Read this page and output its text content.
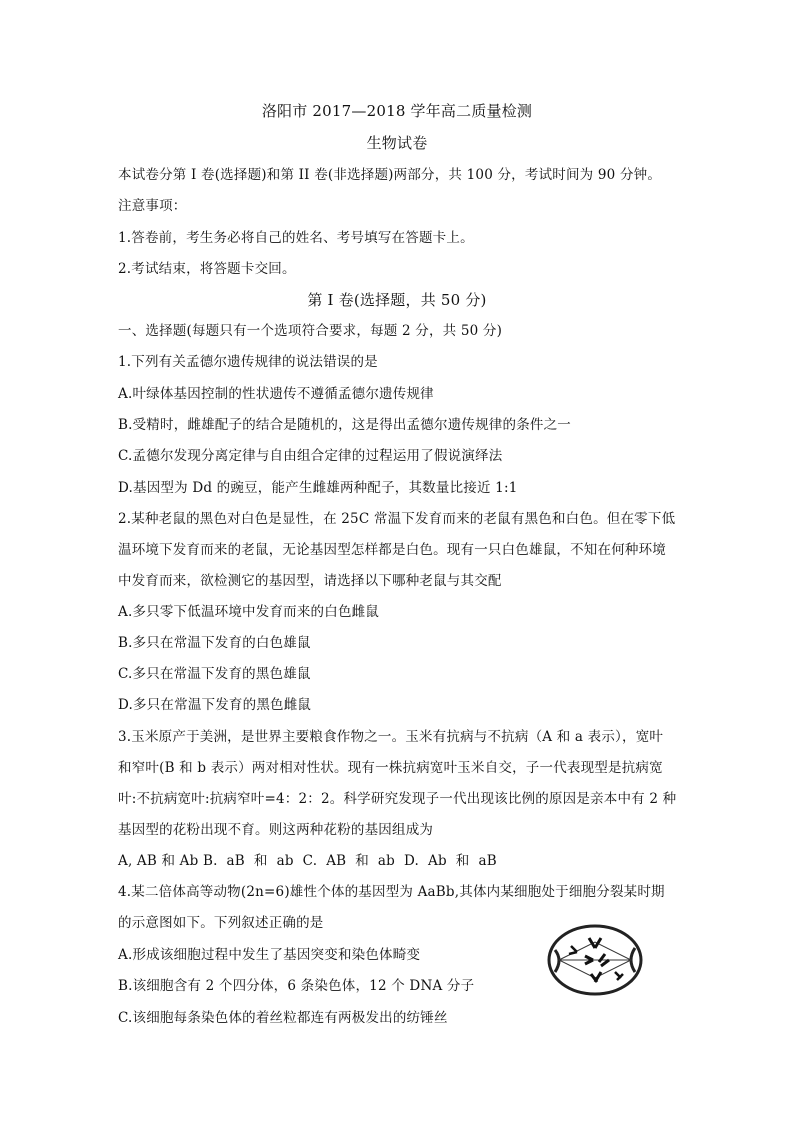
洛阳市 2017—2018 学年高二质量检测
生物试卷
本试卷分第 I 卷(选择题)和第 II 卷(非选择题)两部分，共 100 分，考试时间为 90 分钟。
注意事项：
1.答卷前，考生务必将自己的姓名、考号填写在答题卡上。
2.考试结束，将答题卡交回。
第 I 卷(选择题，共 50 分)
一、选择题(每题只有一个选项符合要求，每题 2 分，共 50 分)
1.下列有关孟德尔遗传规律的说法错误的是
A.叶绿体基因控制的性状遗传不遵循孟德尔遗传规律
B.受精时，雌雄配子的结合是随机的，这是得出孟德尔遗传规律的条件之一
C.孟德尔发现分离定律与自由组合定律的过程运用了假说演绎法
D.基因型为 Dd 的豌豆，能产生雌雄两种配子，其数量比接近 1:1
2.某种老鼠的黑色对白色是显性，在 25C 常温下发育而来的老鼠有黑色和白色。但在零下低
温环境下发育而来的老鼠，无论基因型怎样都是白色。现有一只白色雄鼠，不知在何种环境
中发育而来，欲检测它的基因型，请选择以下哪种老鼠与其交配
A.多只零下低温环境中发育而来的白色雌鼠
B.多只在常温下发育的白色雄鼠
C.多只在常温下发育的黑色雄鼠
D.多只在常温下发育的黑色雌鼠
3.玉米原产于美洲，是世界主要粮食作物之一。玉米有抗病与不抗病（A 和 a 表示），宽叶
和窄叶(B 和 b 表示）两对相对性状。现有一株抗病宽叶玉米自交，子一代表现型是抗病宽
叶:不抗病宽叶:抗病窄叶=4：2：2。科学研究发现子一代出现该比例的原因是亲本中有 2 种
基因型的花粉出现不育。则这两种花粉的基因组成为
A, AB 和 Ab B.  aB  和  ab  C.  AB  和  ab  D.  Ab  和  aB
4.某二倍体高等动物(2n=6)雄性个体的基因型为 AaBb,其体内某细胞处于细胞分裂某时期
的示意图如下。下列叙述正确的是
A.形成该细胞过程中发生了基因突变和染色体畸变
B.该细胞含有 2 个四分体，6 条染色体，12 个 DNA 分子
C.该细胞每条染色体的着丝粒都连有两极发出的纺锤丝
